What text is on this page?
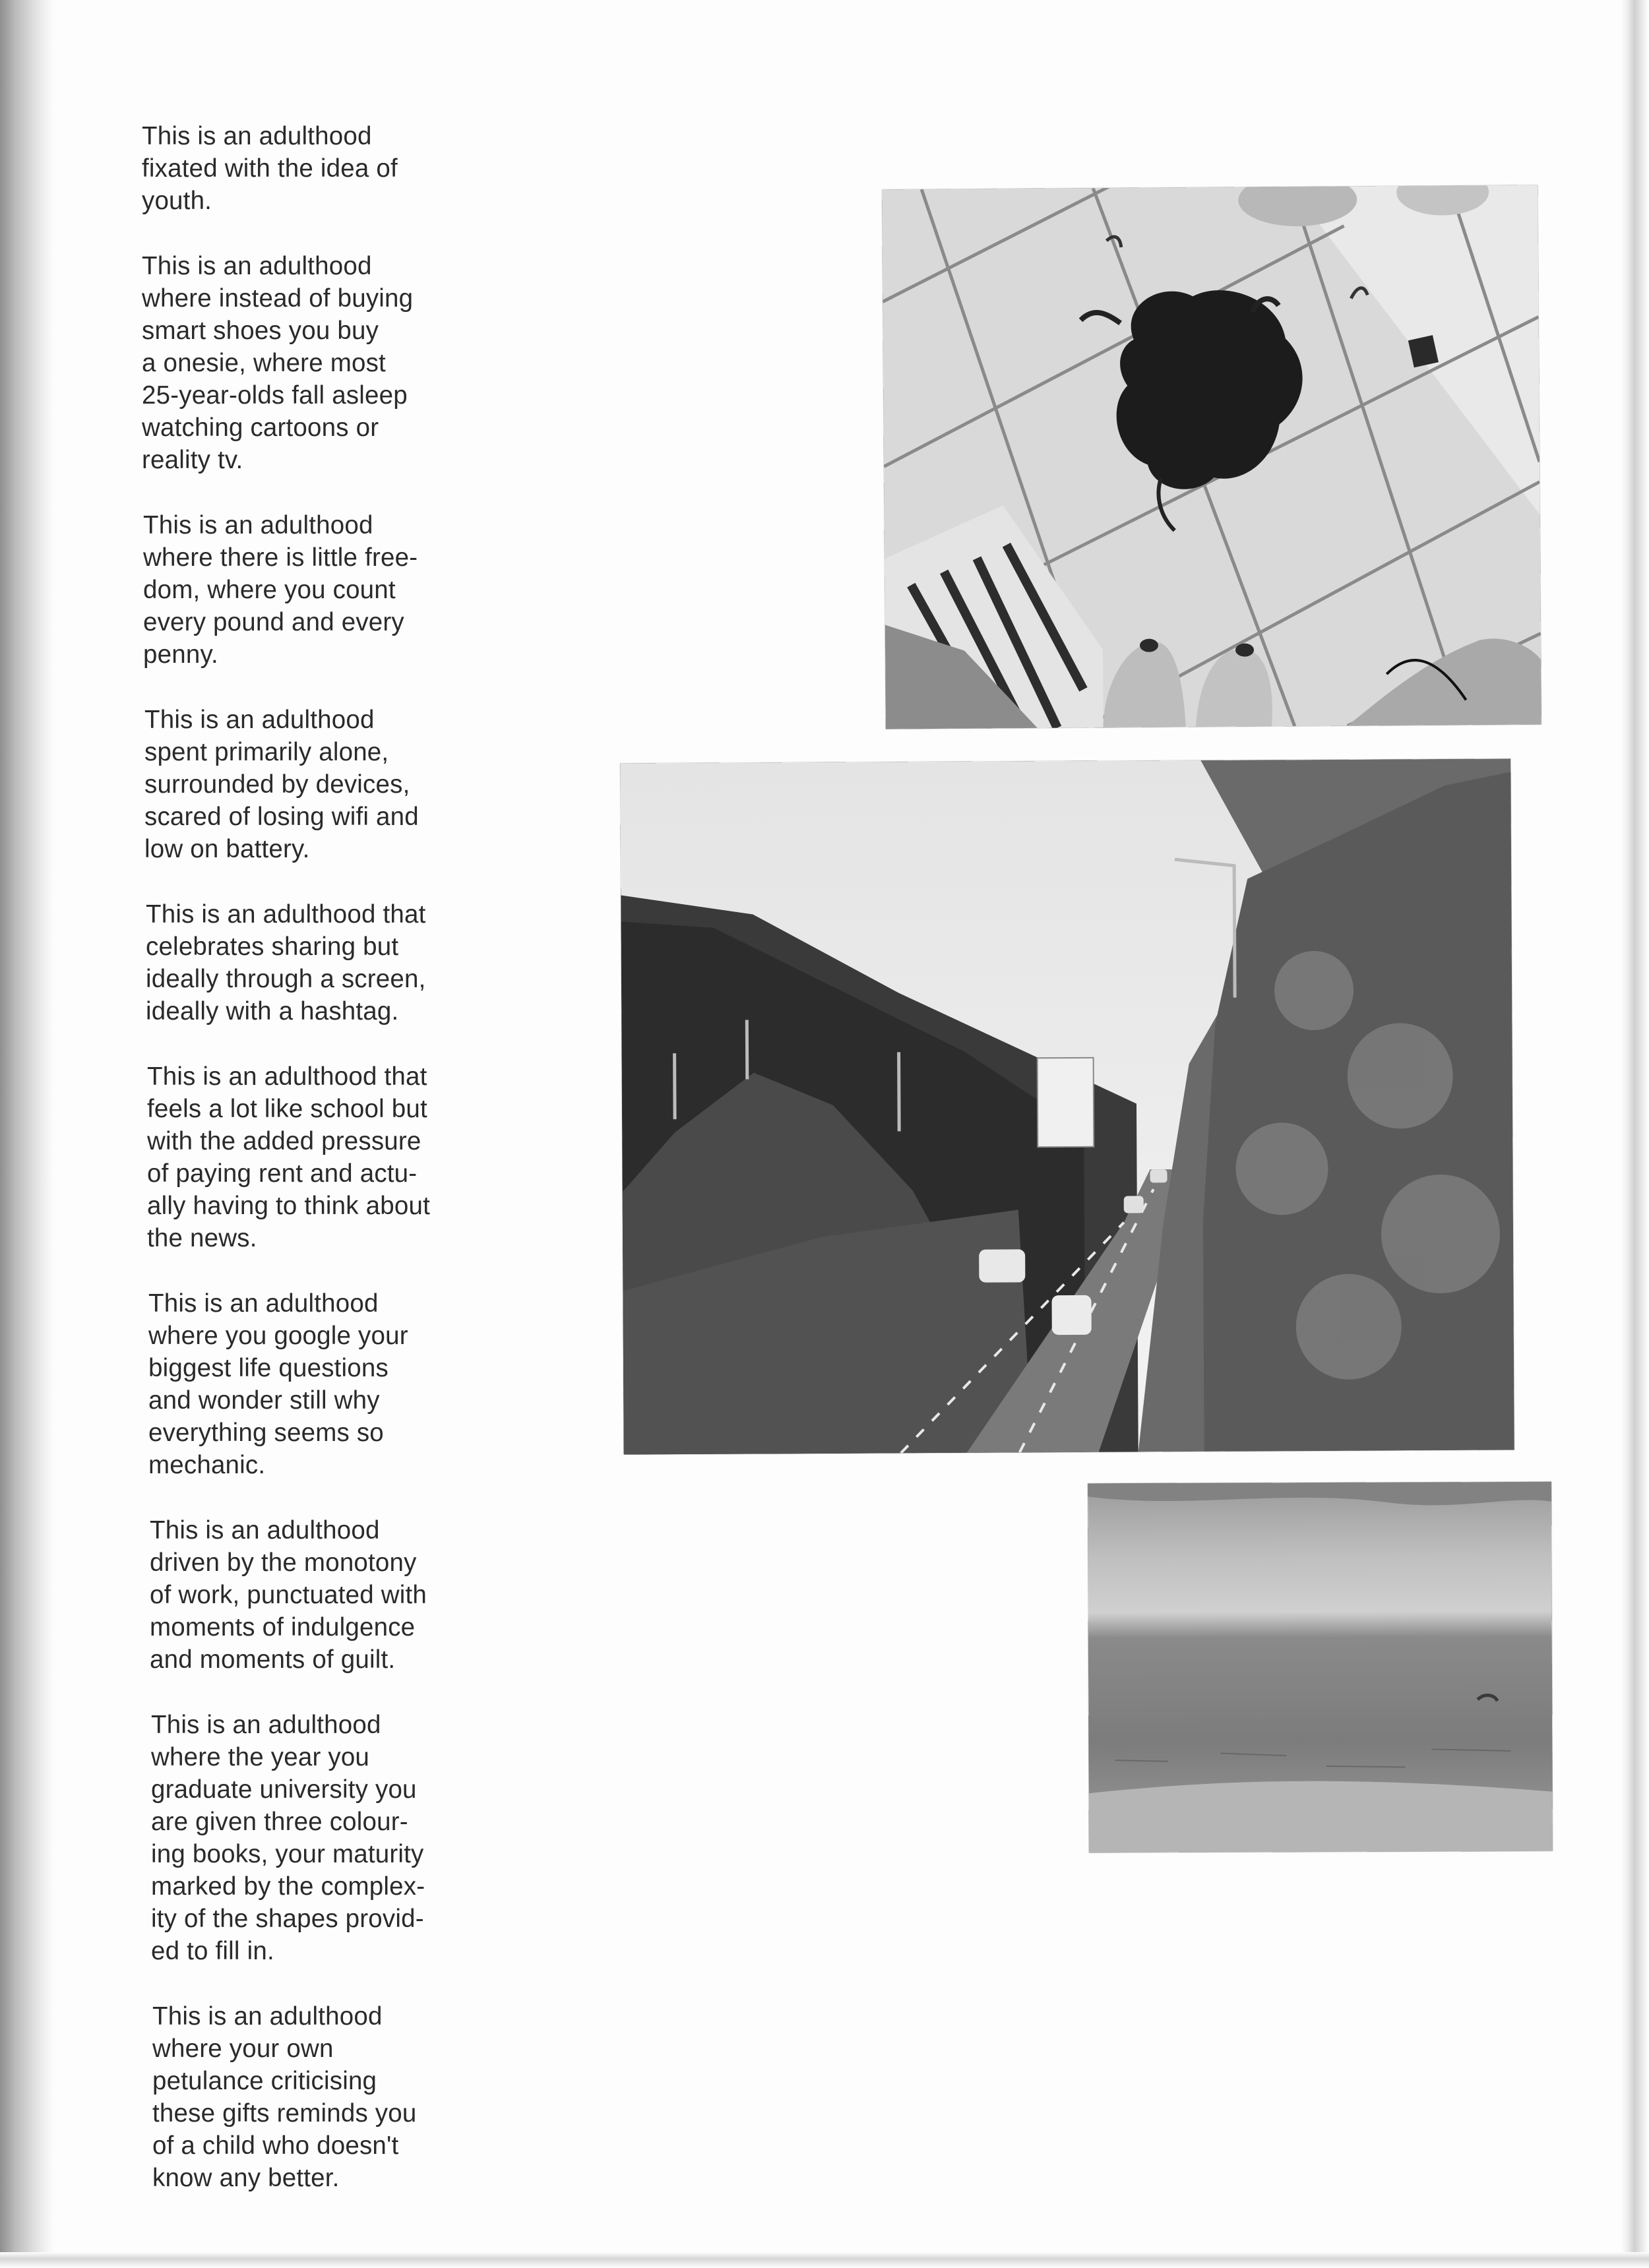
This is an adulthood
fixated with the idea of
youth.

This is an adulthood
where instead of buying
smart shoes you buy
a onesie, where most
25-year-olds fall asleep
watching cartoons or
reality tv.

This is an adulthood
where there is little free-
dom, where you count
every pound and every
penny.

This is an adulthood
spent primarily alone,
surrounded by devices,
scared of losing wifi and
low on battery.

This is an adulthood that
celebrates sharing but
ideally through a screen,
ideally with a hashtag.

This is an adulthood that
feels a lot like school but
with the added pressure
of paying rent and actu-
ally having to think about
the news.

This is an adulthood
where you google your
biggest life questions
and wonder still why
everything seems so
mechanic.

This is an adulthood
driven by the monotony
of work, punctuated with
moments of indulgence
and moments of guilt.

This is an adulthood
where the year you
graduate university you
are given three colour-
ing books, your maturity
marked by the complex-
ity of the shapes provid-
ed to fill in.

This is an adulthood
where your own
petulance criticising
these gifts reminds you
of a child who doesn't
know any better.
